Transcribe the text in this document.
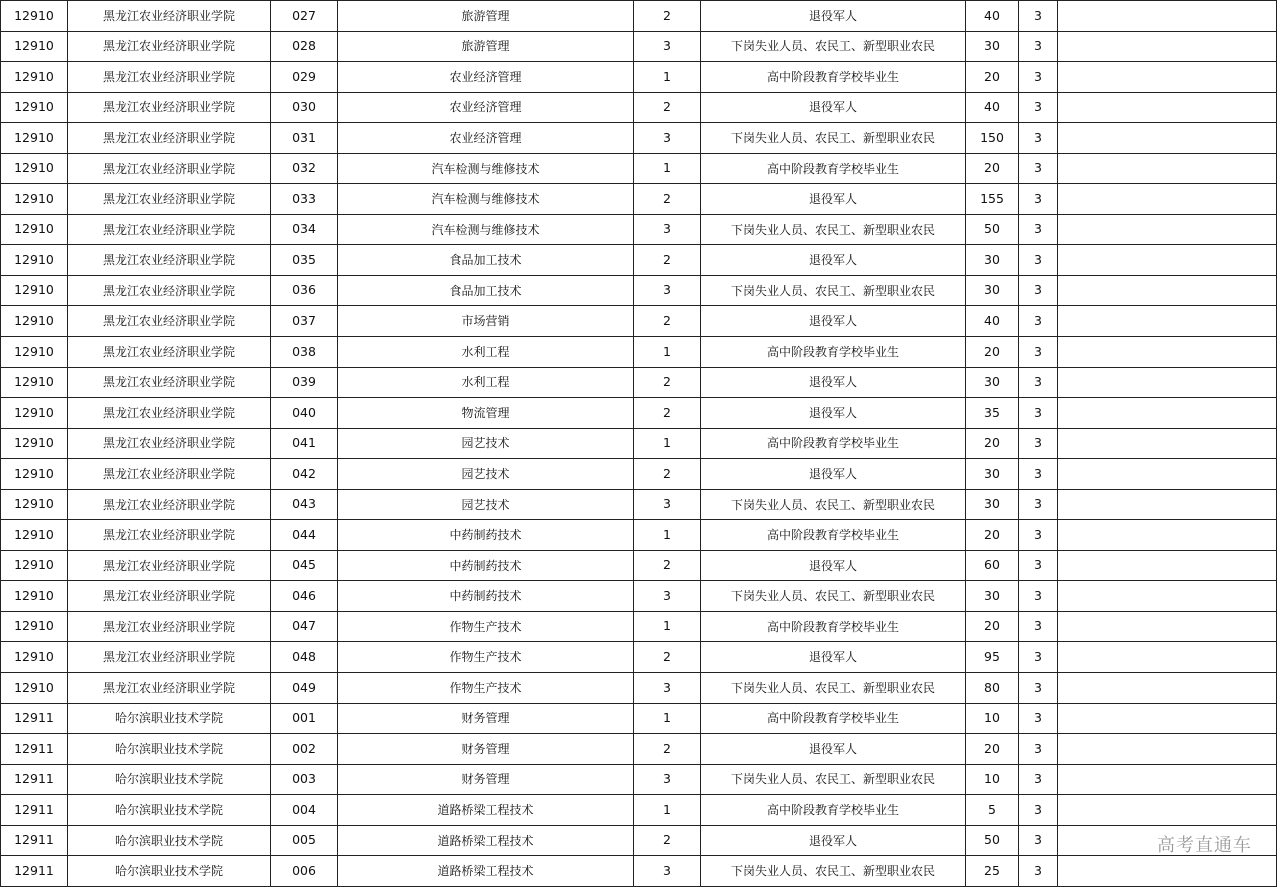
12910	黑龙江农业经济职业学院	027	旅游管理	2	退役军人	40	3	
12910	黑龙江农业经济职业学院	028	旅游管理	3	下岗失业人员、农民工、新型职业农民	30	3	
12910	黑龙江农业经济职业学院	029	农业经济管理	1	高中阶段教育学校毕业生	20	3	
12910	黑龙江农业经济职业学院	030	农业经济管理	2	退役军人	40	3	
12910	黑龙江农业经济职业学院	031	农业经济管理	3	下岗失业人员、农民工、新型职业农民	150	3	
12910	黑龙江农业经济职业学院	032	汽车检测与维修技术	1	高中阶段教育学校毕业生	20	3	
12910	黑龙江农业经济职业学院	033	汽车检测与维修技术	2	退役军人	155	3	
12910	黑龙江农业经济职业学院	034	汽车检测与维修技术	3	下岗失业人员、农民工、新型职业农民	50	3	
12910	黑龙江农业经济职业学院	035	食品加工技术	2	退役军人	30	3	
12910	黑龙江农业经济职业学院	036	食品加工技术	3	下岗失业人员、农民工、新型职业农民	30	3	
12910	黑龙江农业经济职业学院	037	市场营销	2	退役军人	40	3	
12910	黑龙江农业经济职业学院	038	水利工程	1	高中阶段教育学校毕业生	20	3	
12910	黑龙江农业经济职业学院	039	水利工程	2	退役军人	30	3	
12910	黑龙江农业经济职业学院	040	物流管理	2	退役军人	35	3	
12910	黑龙江农业经济职业学院	041	园艺技术	1	高中阶段教育学校毕业生	20	3	
12910	黑龙江农业经济职业学院	042	园艺技术	2	退役军人	30	3	
12910	黑龙江农业经济职业学院	043	园艺技术	3	下岗失业人员、农民工、新型职业农民	30	3	
12910	黑龙江农业经济职业学院	044	中药制药技术	1	高中阶段教育学校毕业生	20	3	
12910	黑龙江农业经济职业学院	045	中药制药技术	2	退役军人	60	3	
12910	黑龙江农业经济职业学院	046	中药制药技术	3	下岗失业人员、农民工、新型职业农民	30	3	
12910	黑龙江农业经济职业学院	047	作物生产技术	1	高中阶段教育学校毕业生	20	3	
12910	黑龙江农业经济职业学院	048	作物生产技术	2	退役军人	95	3	
12910	黑龙江农业经济职业学院	049	作物生产技术	3	下岗失业人员、农民工、新型职业农民	80	3	
12911	哈尔滨职业技术学院	001	财务管理	1	高中阶段教育学校毕业生	10	3	
12911	哈尔滨职业技术学院	002	财务管理	2	退役军人	20	3	
12911	哈尔滨职业技术学院	003	财务管理	3	下岗失业人员、农民工、新型职业农民	10	3	
12911	哈尔滨职业技术学院	004	道路桥梁工程技术	1	高中阶段教育学校毕业生	5	3	
12911	哈尔滨职业技术学院	005	道路桥梁工程技术	2	退役军人	50	3	
12911	哈尔滨职业技术学院	006	道路桥梁工程技术	3	下岗失业人员、农民工、新型职业农民	25	3	
高考直通车
